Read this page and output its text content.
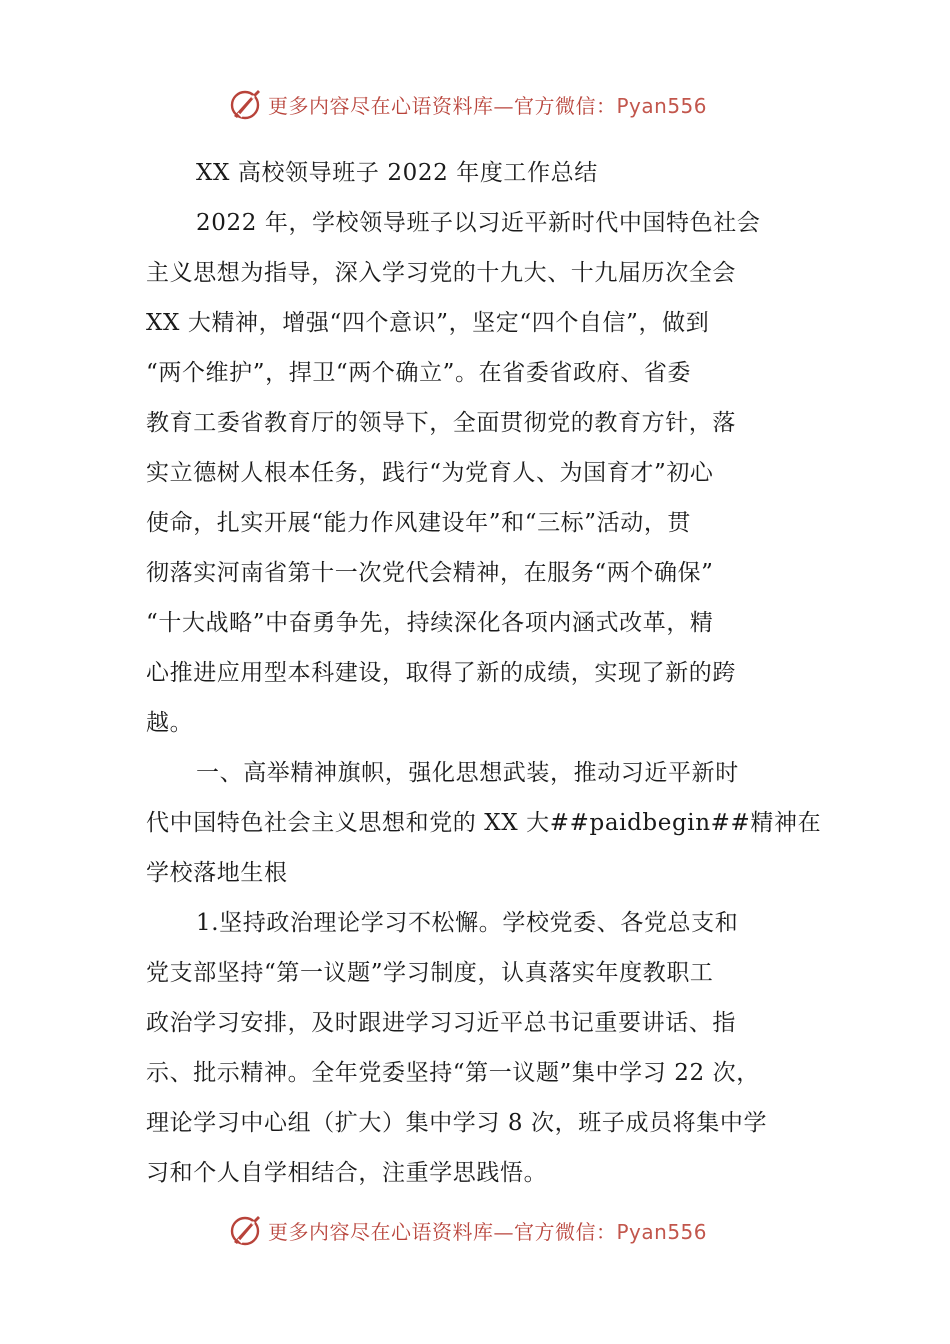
更多内容尽在心语资料库—官方微信：Pyan556
XX 高校领导班子 2022 年度工作总结
2022 年，学校领导班子以习近平新时代中国特色社会
主义思想为指导，深入学习党的十九大、十九届历次全会
XX 大精神，增强“四个意识”，坚定“四个自信”，做到
“两个维护”，捍卫“两个确立”。在省委省政府、省委
教育工委省教育厅的领导下，全面贯彻党的教育方针，落
实立德树人根本任务，践行“为党育人、为国育才”初心
使命，扎实开展“能力作风建设年”和“三标”活动，贯
彻落实河南省第十一次党代会精神，在服务“两个确保”
“十大战略”中奋勇争先，持续深化各项内涵式改革，精
心推进应用型本科建设，取得了新的成绩，实现了新的跨
越。
一、高举精神旗帜，强化思想武装，推动习近平新时
代中国特色社会主义思想和党的 XX 大##paidbegin##精神在
学校落地生根
1.坚持政治理论学习不松懈。学校党委、各党总支和
党支部坚持“第一议题”学习制度，认真落实年度教职工
政治学习安排，及时跟进学习习近平总书记重要讲话、指
示、批示精神。全年党委坚持“第一议题”集中学习 22 次，
理论学习中心组（扩大）集中学习 8 次，班子成员将集中学
习和个人自学相结合，注重学思践悟。
更多内容尽在心语资料库—官方微信：Pyan556
